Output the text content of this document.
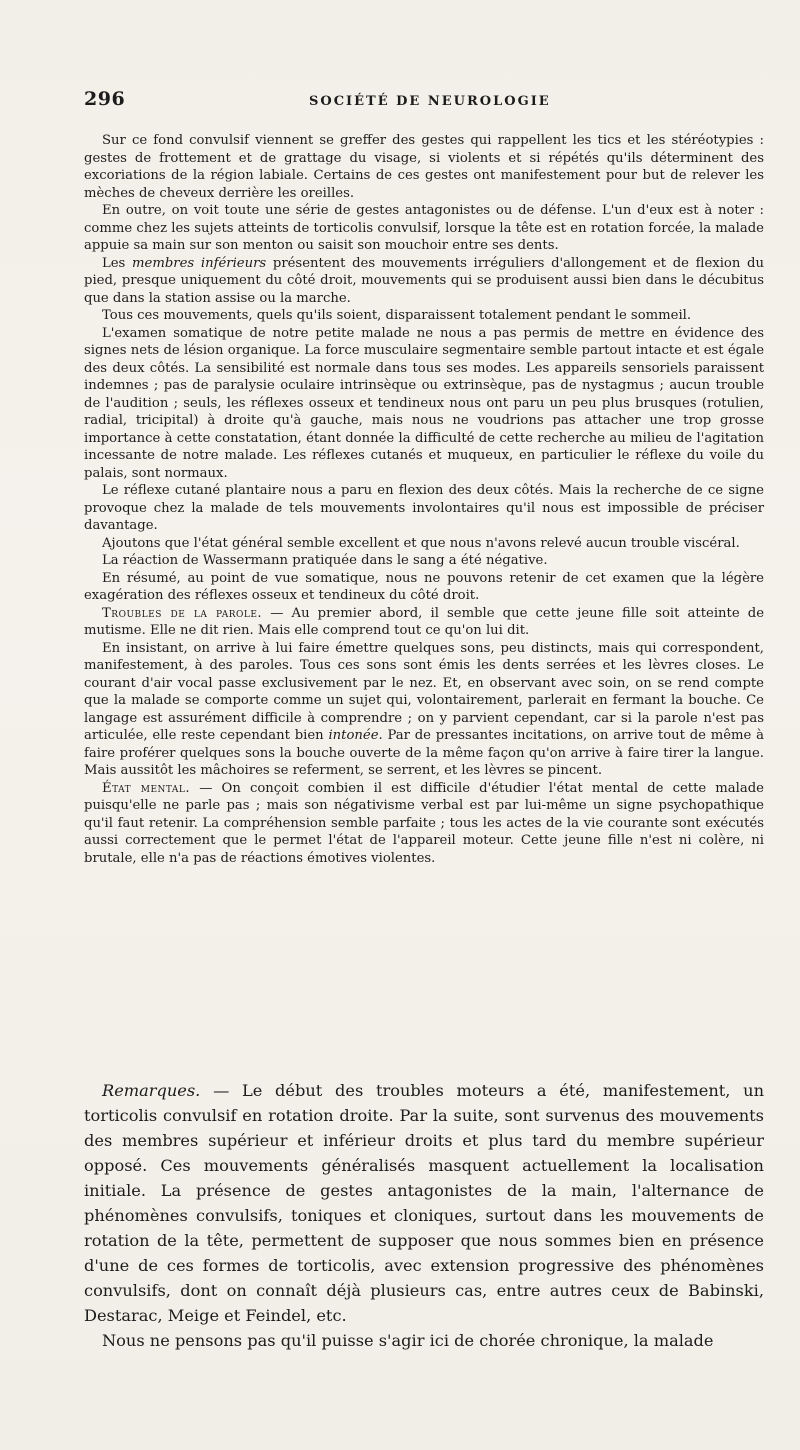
296	SOCIÉTÉ DE NEUROLOGIE

Sur ce fond convulsif viennent se greffer des gestes qui rappellent les tics et les stéréotypies : gestes de frottement et de grattage du visage, si violents et si répétés qu'ils déterminent des excoriations de la région labiale. Certains de ces gestes ont manifestement pour but de relever les mèches de cheveux derrière les oreilles.

En outre, on voit toute une série de gestes antagonistes ou de défense. L'un d'eux est à noter : comme chez les sujets atteints de torticolis convulsif, lorsque la tête est en rotation forcée, la malade appuie sa main sur son menton ou saisit son mouchoir entre ses dents.

Les membres inférieurs présentent des mouvements irréguliers d'allongement et de flexion du pied, presque uniquement du côté droit, mouvements qui se produisent aussi bien dans le décubitus que dans la station assise ou la marche.

Tous ces mouvements, quels qu'ils soient, disparaissent totalement pendant le sommeil.

L'examen somatique de notre petite malade ne nous a pas permis de mettre en évidence des signes nets de lésion organique. La force musculaire segmentaire semble partout intacte et est égale des deux côtés. La sensibilité est normale dans tous ses modes. Les appareils sensoriels paraissent indemnes ; pas de paralysie oculaire intrinsèque ou extrinsèque, pas de nystagmus ; aucun trouble de l'audition ; seuls, les réflexes osseux et tendineux nous ont paru un peu plus brusques (rotulien, radial, tricipital) à droite qu'à gauche, mais nous ne voudrions pas attacher une trop grosse importance à cette constatation, étant donnée la difficulté de cette recherche au milieu de l'agitation incessante de notre malade. Les réflexes cutanés et muqueux, en particulier le réflexe du voile du palais, sont normaux.

Le réflexe cutané plantaire nous a paru en flexion des deux côtés. Mais la recherche de ce signe provoque chez la malade de tels mouvements involontaires qu'il nous est impossible de préciser davantage.

Ajoutons que l'état général semble excellent et que nous n'avons relevé aucun trouble viscéral.

La réaction de Wassermann pratiquée dans le sang a été négative.

En résumé, au point de vue somatique, nous ne pouvons retenir de cet examen que la légère exagération des réflexes osseux et tendineux du côté droit.

Troubles de la parole. — Au premier abord, il semble que cette jeune fille soit atteinte de mutisme. Elle ne dit rien. Mais elle comprend tout ce qu'on lui dit.

En insistant, on arrive à lui faire émettre quelques sons, peu distincts, mais qui correspondent, manifestement, à des paroles. Tous ces sons sont émis les dents serrées et les lèvres closes. Le courant d'air vocal passe exclusivement par le nez. Et, en observant avec soin, on se rend compte que la malade se comporte comme un sujet qui, volontairement, parlerait en fermant la bouche. Ce langage est assurément difficile à comprendre ; on y parvient cependant, car si la parole n'est pas articulée, elle reste cependant bien intonée. Par de pressantes incitations, on arrive tout de même à faire proférer quelques sons la bouche ouverte de la même façon qu'on arrive à faire tirer la langue. Mais aussitôt les mâchoires se referment, se serrent, et les lèvres se pincent.

État mental. — On conçoit combien il est difficile d'étudier l'état mental de cette malade puisqu'elle ne parle pas ; mais son négativisme verbal est par lui-même un signe psychopathique qu'il faut retenir. La compréhension semble parfaite ; tous les actes de la vie courante sont exécutés aussi correctement que le permet l'état de l'appareil moteur. Cette jeune fille n'est ni colère, ni brutale, elle n'a pas de réactions émotives violentes.

Remarques. — Le début des troubles moteurs a été, manifestement, un torticolis convulsif en rotation droite. Par la suite, sont survenus des mouvements des membres supérieur et inférieur droits et plus tard du membre supérieur opposé. Ces mouvements généralisés masquent actuellement la localisation initiale. La présence de gestes antagonistes de la main, l'alternance de phénomènes convulsifs, toniques et cloniques, surtout dans les mouvements de rotation de la tête, permettent de supposer que nous sommes bien en présence d'une de ces formes de torticolis, avec extension progressive des phénomènes convulsifs, dont on connaît déjà plusieurs cas, entre autres ceux de Babinski, Destarac, Meige et Feindel, etc.

Nous ne pensons pas qu'il puisse s'agir ici de chorée chronique, la malade
